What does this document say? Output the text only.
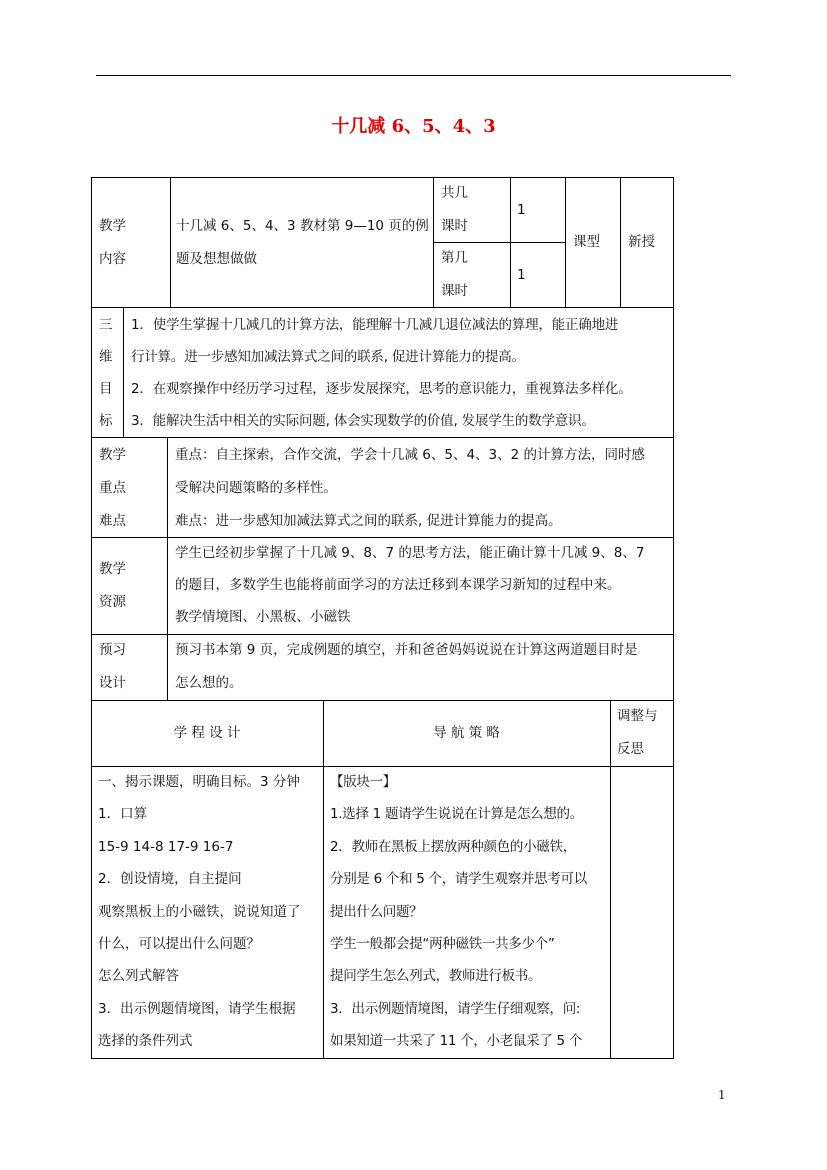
十几减 6、5、4、3
教学
内容
十几减 6、5、4、3 教材第 9—10 页的例
题及想想做做
共几
课时
1
第几
课时
1
课型 新授
三
维
目
标
1．使学生掌握十几减几的计算方法，能理解十几减几退位减法的算理，能正确地进
行计算。进一步感知加减法算式之间的联系, 促进计算能力的提高。
2．在观察操作中经历学习过程，逐步发展探究，思考的意识能力，重视算法多样化。
3．能解决生活中相关的实际问题, 体会实现数学的价值, 发展学生的数学意识。
教学
重点
难点
重点：自主探索，合作交流，学会十几减 6、5、4、3、2 的计算方法，同时感
受解决问题策略的多样性。
难点：进一步感知加减法算式之间的联系, 促进计算能力的提高。
教学
资源
学生已经初步掌握了十几减 9、8、7 的思考方法，能正确计算十几减 9、8、7
的题目，多数学生也能将前面学习的方法迁移到本课学习新知的过程中来。
教学情境图、小黑板、小磁铁
预习
设计
预习书本第 9 页，完成例题的填空，并和爸爸妈妈说说在计算这两道题目时是
怎么想的。
学 程 设 计	导 航 策 略
调整与
反思
一、揭示课题，明确目标。3 分钟
1．口算
15-9 14-8 17-9 16-7
2．创设情境，自主提问
观察黑板上的小磁铁，说说知道了
什么，可以提出什么问题？
怎么列式解答
3．出示例题情境图，请学生根据
选择的条件列式
【版块一】
1.选择 1 题请学生说说在计算是怎么想的。
2．教师在黑板上摆放两种颜色的小磁铁，
分别是 6 个和 5 个，请学生观察并思考可以
提出什么问题？
学生一般都会提“两种磁铁一共多少个”
提问学生怎么列式，教师进行板书。
3．出示例题情境图，请学生仔细观察，问:
如果知道一共采了 11 个，小老鼠采了 5 个
1
